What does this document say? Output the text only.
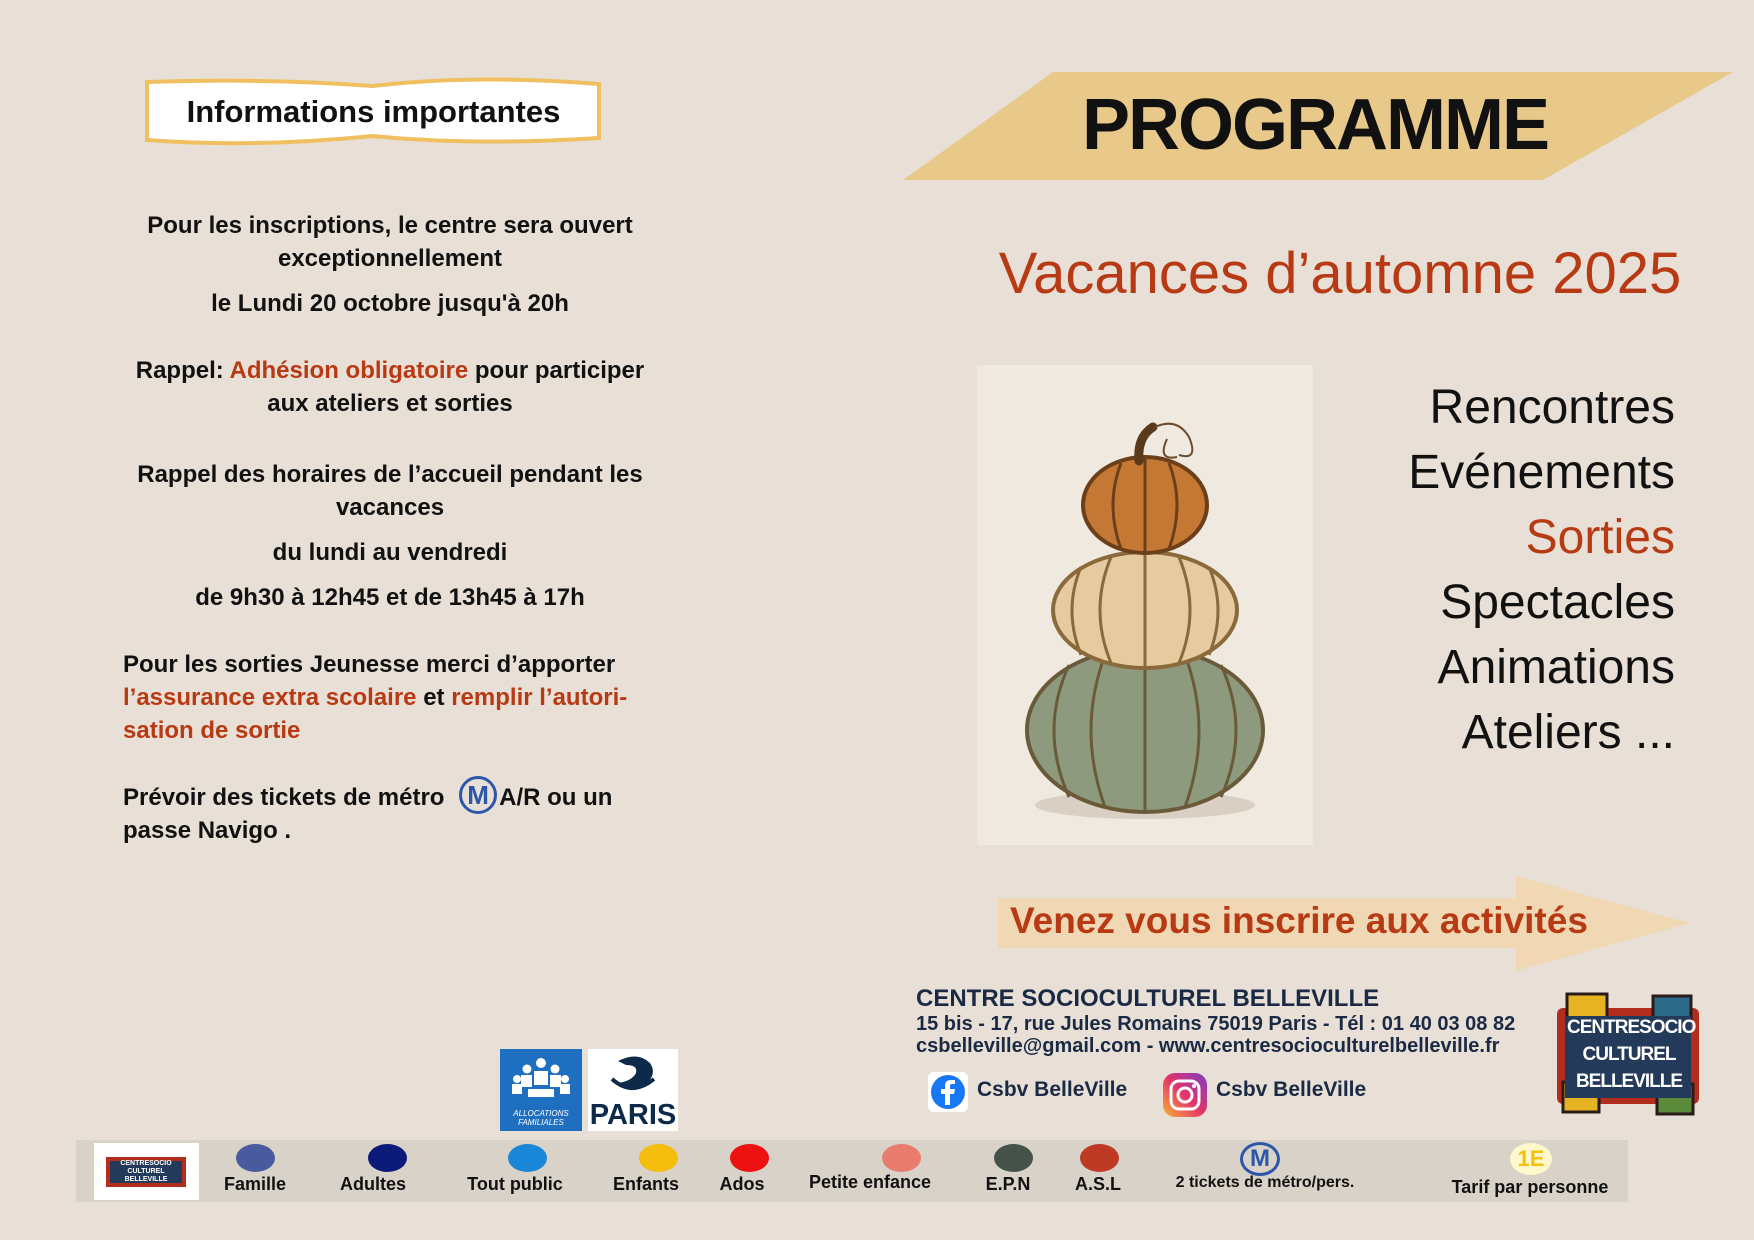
Informations importantes
Pour les inscriptions, le centre sera ouvert
exceptionnellement
le Lundi 20 octobre jusqu'à 20h
Rappel: Adhésion obligatoire pour participer
aux ateliers et sorties
Rappel des horaires de l’accueil pendant les
vacances
du lundi au vendredi
de 9h30 à 12h45 et de 13h45 à 17h
Pour les sorties Jeunesse merci d’apporter
l’assurance extra scolaire et remplir l’autori-
sation de sortie
Prévoir des tickets de métro M A/R ou un
passe Navigo .
ALLOCATIONS
FAMILIALES PARIS
PROGRAMME
Vacances d’automne 2025
Rencontres
Evénements
Sorties
Spectacles
Animations
Ateliers ...
Venez vous inscrire aux activités
CENTRE SOCIOCULTUREL BELLEVILLE
15 bis - 17, rue Jules Romains 75019 Paris - Tél : 01 40 03 08 82
csbelleville@gmail.com - www.centresocioculturelbelleville.fr
Csbv BelleVille	Csbv BelleVille
CENTRESOCIO
CULTUREL
BELLEVILLE
CENTRESOCIO
CULTUREL
BELLEVILLE	Famille	Adultes	Tout public	Enfants	Ados	Petite enfance	E.P.N	A.S.L
M
2 tickets de métro/pers.
1E
Tarif par personne
